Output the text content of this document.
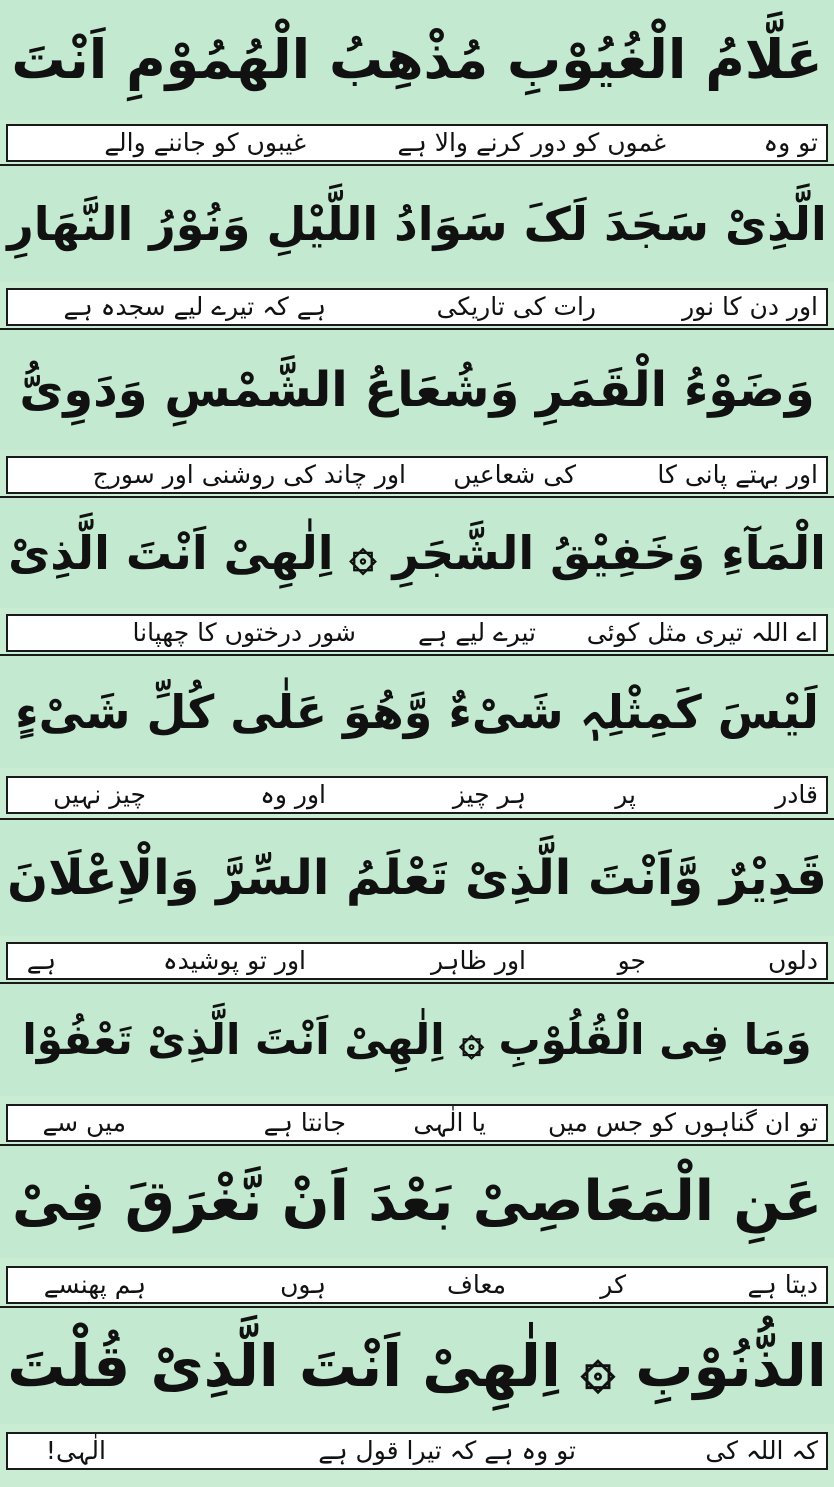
عَلَّامُ الْغُیُوْبِ مُذْھِبُ الْھُمُوْمِ اَنْتَ
تو وہ
غموں کو دور کرنے والا ہے
غیبوں کو جاننے والے
الَّذِیْ سَجَدَ لَکَ سَوَادُ اللَّیْلِ وَنُوْرُ النَّھَارِ
اور دن کا نور
رات کی تاریکی
ہے کہ تیرے لیے سجدہ ہے
وَضَوْءُ الْقَمَرِ وَشُعَاعُ الشَّمْسِ وَدَوِیُّ
اور بہتے پانی کا
کی شعاعیں
اور چاند کی روشنی اور سورج
الْمَآءِ وَخَفِیْقُ الشَّجَرِ ۞ اِلٰھِیْ اَنْتَ الَّذِیْ
اے اللہ تیری مثل کوئی
تیرے لیے ہے
شور درختوں کا چھپانا
لَیْسَ کَمِثْلِہٖ شَیْءٌ وَّھُوَ عَلٰی کُلِّ شَیْءٍ
قادر
پر
ہر چیز
اور وہ
چیز نہیں
قَدِیْرٌ وَّاَنْتَ الَّذِیْ تَعْلَمُ السِّرَّ وَالْاِعْلَانَ
دلوں
جو
اور ظاہر
اور تو پوشیدہ
ہے
وَمَا فِی الْقُلُوْبِ ۞ اِلٰھِیْ اَنْتَ الَّذِیْ تَعْفُوْا
تو ان گناہوں کو جس میں
یا الٰہی
جانتا ہے
میں سے
عَنِ الْمَعَاصِیْ بَعْدَ اَنْ نَّغْرَقَ فِیْ
دیتا ہے
کر
معاف
ہوں
ہم پھنسے
الذُّنُوْبِ ۞ اِلٰھِیْ اَنْتَ الَّذِیْ قُلْتَ
کہ اللہ کی
تو وہ ہے کہ تیرا قول ہے
الٰہی!
